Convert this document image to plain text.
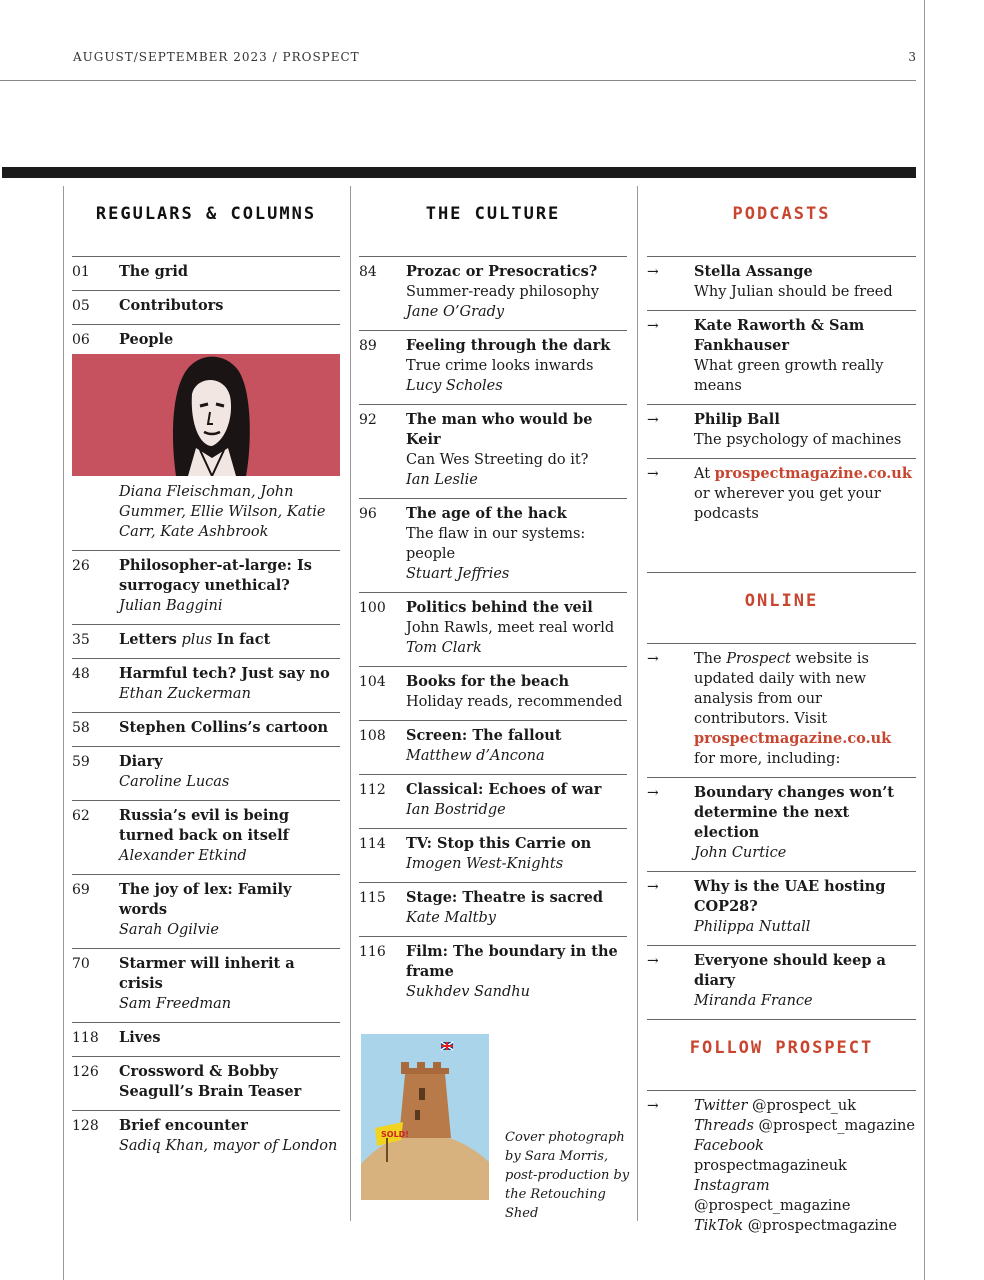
AUGUST/SEPTEMBER 2023 / PROSPECT	3
REGULARS & COLUMNS
01 The grid
05 Contributors
06 People
Diana Fleischman, John Gummer, Ellie Wilson, Katie Carr, Kate Ashbrook
26 Philosopher-at-large: Is surrogacy unethical?
Julian Baggini
35 Letters plus In fact
48 Harmful tech? Just say no
Ethan Zuckerman
58 Stephen Collins’s cartoon
59 Diary
Caroline Lucas
62 Russia’s evil is being turned back on itself
Alexander Etkind
69 The joy of lex: Family words
Sarah Ogilvie
70 Starmer will inherit a crisis
Sam Freedman
118 Lives
126 Crossword & Bobby Seagull’s Brain Teaser
128 Brief encounter
Sadiq Khan, mayor of London
THE CULTURE
84 Prozac or Presocratics?
Summer-ready philosophy
Jane O’Grady
89 Feeling through the dark
True crime looks inwards
Lucy Scholes
92 The man who would be Keir
Can Wes Streeting do it?
Ian Leslie
96 The age of the hack
The flaw in our systems: people
Stuart Jeffries
100 Politics behind the veil
John Rawls, meet real world
Tom Clark
104 Books for the beach
Holiday reads, recommended
108 Screen: The fallout
Matthew d’Ancona
112 Classical: Echoes of war
Ian Bostridge
114 TV: Stop this Carrie on
Imogen West-Knights
115 Stage: Theatre is sacred
Kate Maltby
116 Film: The boundary in the frame
Sukhdev Sandhu
SOLD!	Cover photograph by Sara Morris, post-production by the Retouching Shed
PODCASTS
→ Stella Assange
Why Julian should be freed
→ Kate Raworth & Sam Fankhauser
What green growth really means
→ Philip Ball
The psychology of machines
→ At prospectmagazine.co.uk or wherever you get your podcasts
ONLINE
→ The Prospect website is updated daily with new analysis from our contributors. Visit prospectmagazine.co.uk for more, including:
→ Boundary changes won’t determine the next election
John Curtice
→ Why is the UAE hosting COP28?
Philippa Nuttall
→ Everyone should keep a diary
Miranda France
FOLLOW PROSPECT
→ Twitter @prospect_uk
Threads @prospect_magazine
Facebook prospectmagazineuk
Instagram @prospect_magazine
TikTok @prospectmagazine
